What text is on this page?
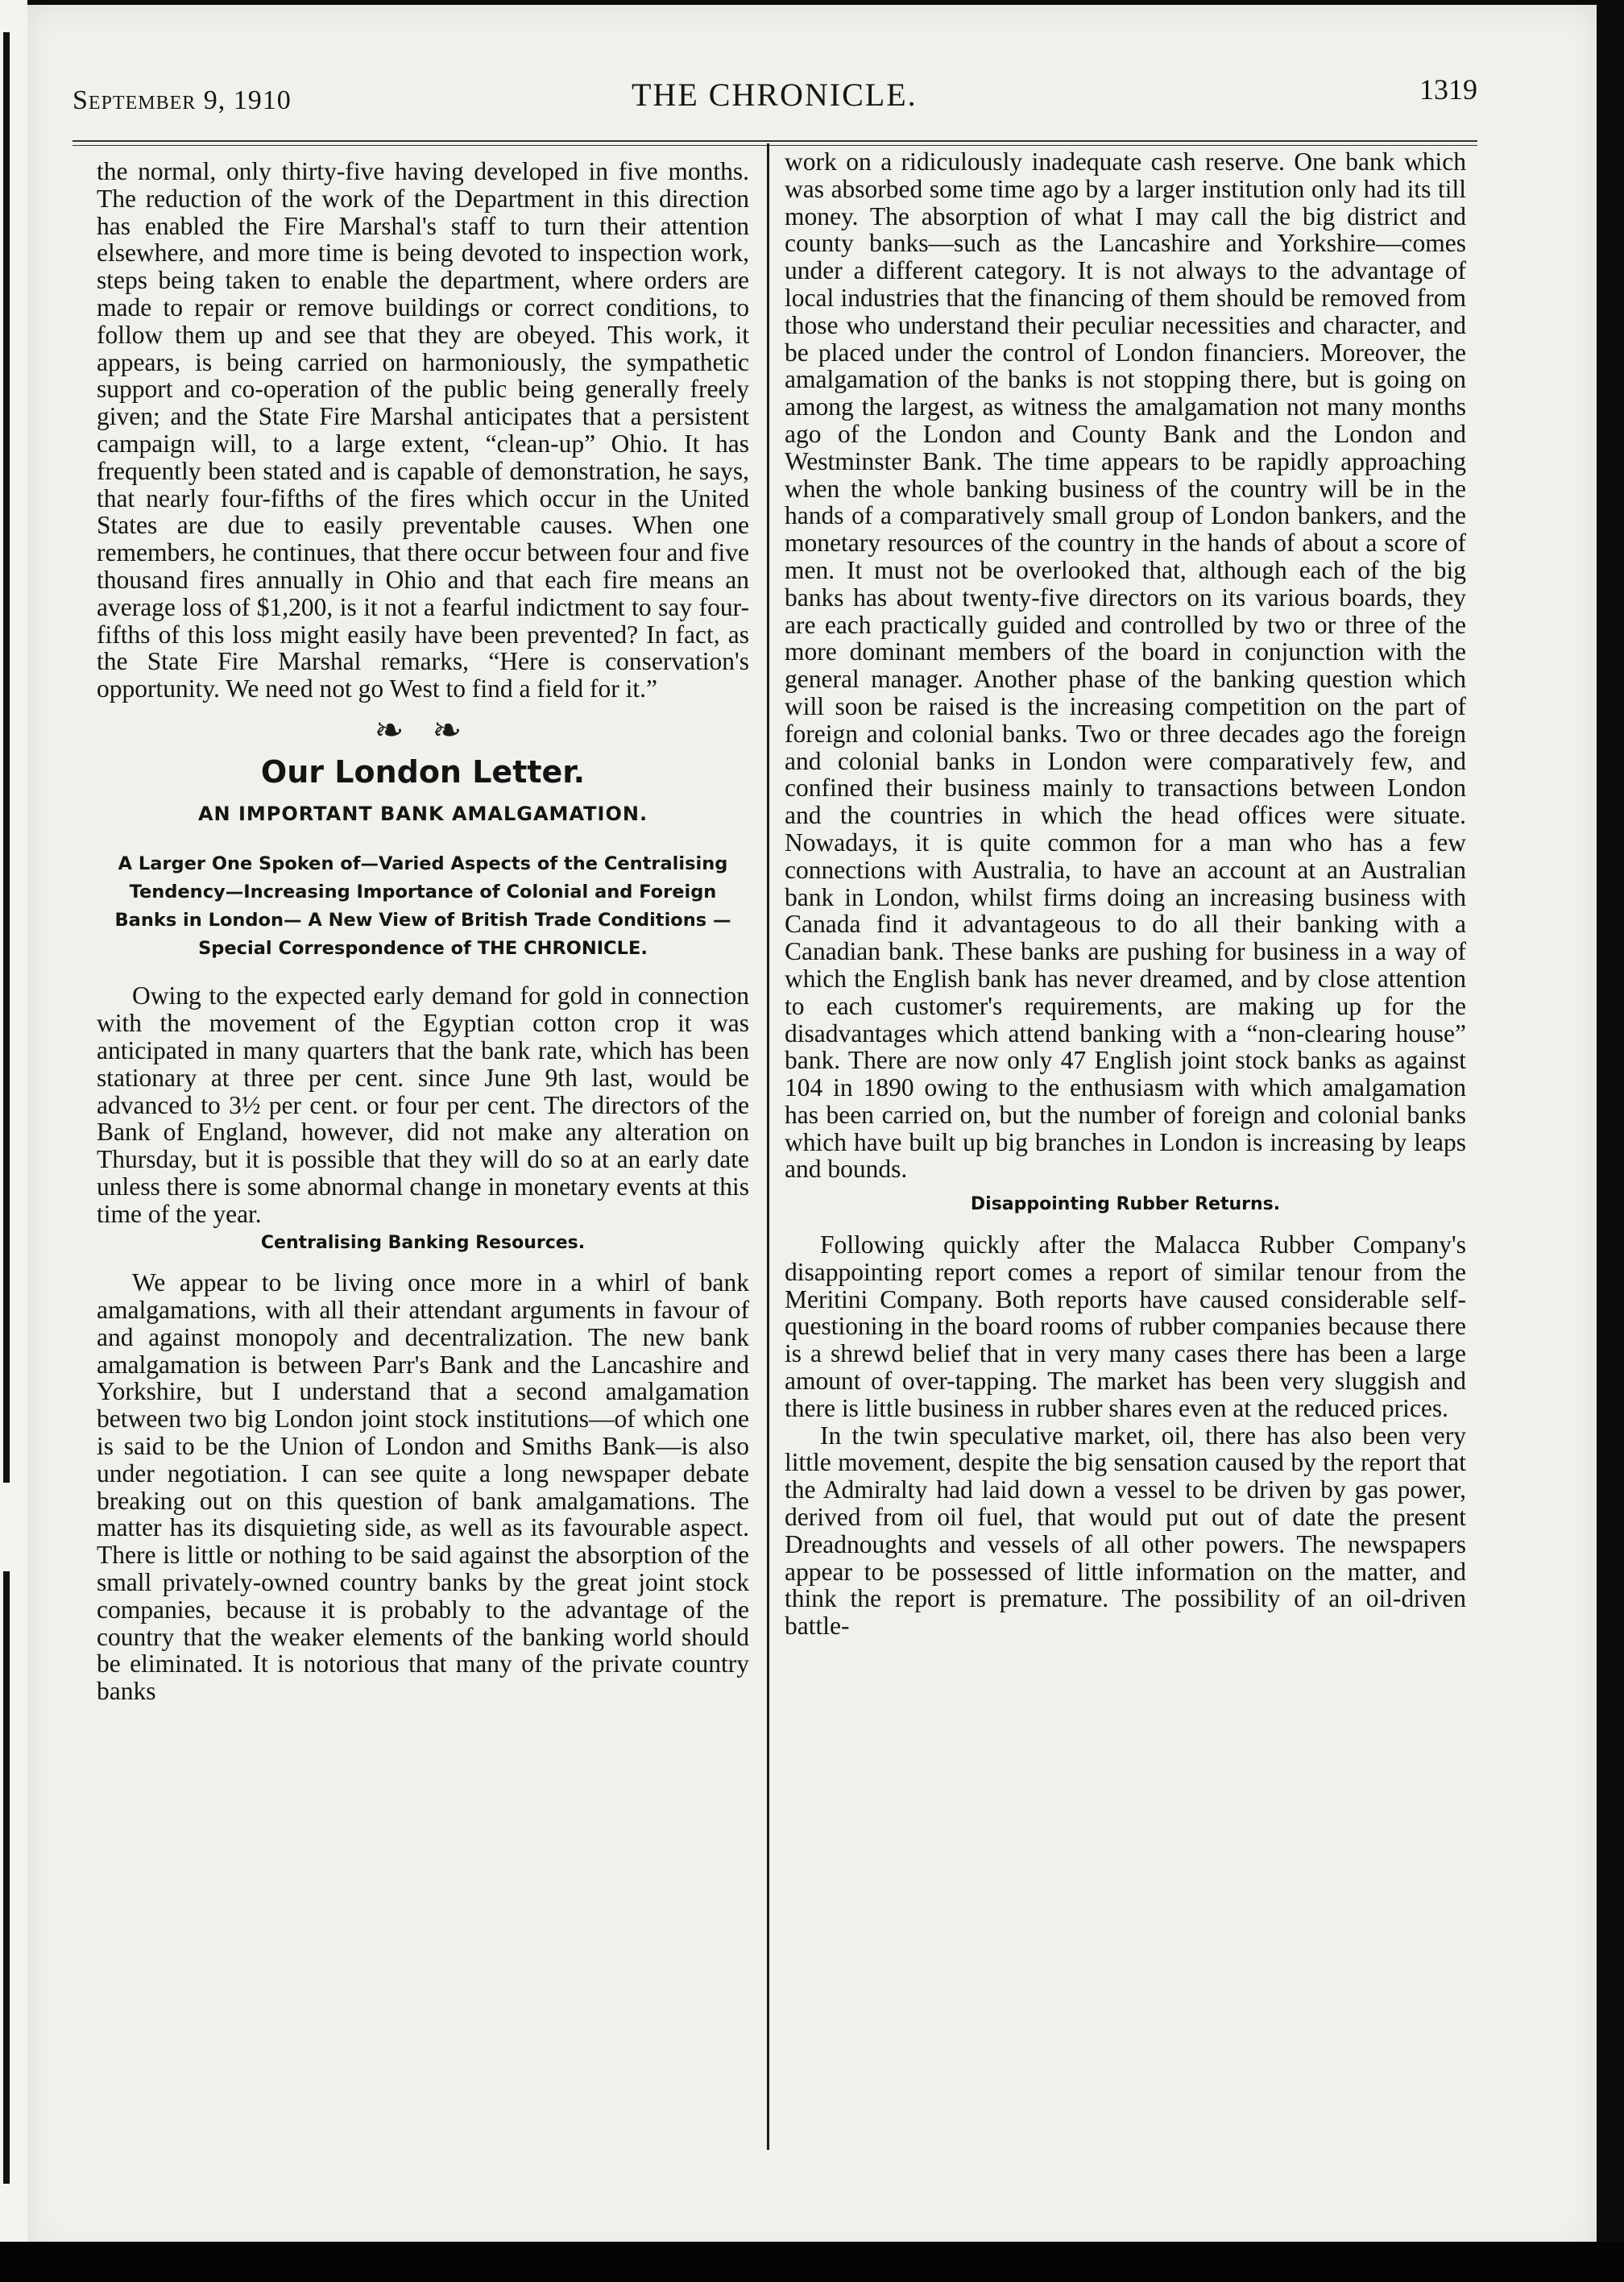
September 9, 1910	THE CHRONICLE.	1319

the normal, only thirty-five having developed in five months. The reduction of the work of the Department in this direction has enabled the Fire Marshal's staff to turn their attention elsewhere, and more time is being devoted to inspection work, steps being taken to enable the department, where orders are made to repair or remove buildings or correct conditions, to follow them up and see that they are obeyed. This work, it appears, is being carried on harmoniously, the sympathetic support and co-operation of the public being generally freely given; and the State Fire Marshal anticipates that a persistent campaign will, to a large extent, “clean-up” Ohio. It has frequently been stated and is capable of demonstration, he says, that nearly four-fifths of the fires which occur in the United States are due to easily preventable causes. When one remembers, he continues, that there occur between four and five thousand fires annually in Ohio and that each fire means an average loss of $1,200, is it not a fearful indictment to say four-fifths of this loss might easily have been prevented? In fact, as the State Fire Marshal remarks, “Here is conservation's opportunity. We need not go West to find a field for it.”

❧ ❧
Our London Letter.
AN IMPORTANT BANK AMALGAMATION.
A Larger One Spoken of—Varied Aspects of the Centralising Tendency—Increasing Importance of Colonial and Foreign Banks in London— A New View of British Trade Conditions —Special Correspondence of THE CHRONICLE.

Owing to the expected early demand for gold in connection with the movement of the Egyptian cotton crop it was anticipated in many quarters that the bank rate, which has been stationary at three per cent. since June 9th last, would be advanced to 3½ per cent. or four per cent. The directors of the Bank of England, however, did not make any alteration on Thursday, but it is possible that they will do so at an early date unless there is some abnormal change in monetary events at this time of the year.

Centralising Banking Resources.

We appear to be living once more in a whirl of bank amalgamations, with all their attendant arguments in favour of and against monopoly and decentralization. The new bank amalgamation is between Parr's Bank and the Lancashire and Yorkshire, but I understand that a second amalgamation between two big London joint stock institutions—of which one is said to be the Union of London and Smiths Bank—is also under negotiation. I can see quite a long newspaper debate breaking out on this question of bank amalgamations. The matter has its disquieting side, as well as its favourable aspect. There is little or nothing to be said against the absorption of the small privately-owned country banks by the great joint stock companies, because it is probably to the advantage of the country that the weaker elements of the banking world should be eliminated. It is notorious that many of the private country banks

work on a ridiculously inadequate cash reserve. One bank which was absorbed some time ago by a larger institution only had its till money. The absorption of what I may call the big district and county banks—such as the Lancashire and Yorkshire—comes under a different category. It is not always to the advantage of local industries that the financing of them should be removed from those who understand their peculiar necessities and character, and be placed under the control of London financiers. Moreover, the amalgamation of the banks is not stopping there, but is going on among the largest, as witness the amalgamation not many months ago of the London and County Bank and the London and Westminster Bank. The time appears to be rapidly approaching when the whole banking business of the country will be in the hands of a comparatively small group of London bankers, and the monetary resources of the country in the hands of about a score of men. It must not be overlooked that, although each of the big banks has about twenty-five directors on its various boards, they are each practically guided and controlled by two or three of the more dominant members of the board in conjunction with the general manager. Another phase of the banking question which will soon be raised is the increasing competition on the part of foreign and colonial banks. Two or three decades ago the foreign and colonial banks in London were comparatively few, and confined their business mainly to transactions between London and the countries in which the head offices were situate. Nowadays, it is quite common for a man who has a few connections with Australia, to have an account at an Australian bank in London, whilst firms doing an increasing business with Canada find it advantageous to do all their banking with a Canadian bank. These banks are pushing for business in a way of which the English bank has never dreamed, and by close attention to each customer's requirements, are making up for the disadvantages which attend banking with a “non-clearing house” bank. There are now only 47 English joint stock banks as against 104 in 1890 owing to the enthusiasm with which amalgamation has been carried on, but the number of foreign and colonial banks which have built up big branches in London is increasing by leaps and bounds.

Disappointing Rubber Returns.

Following quickly after the Malacca Rubber Company's disappointing report comes a report of similar tenour from the Meritini Company. Both reports have caused considerable self-questioning in the board rooms of rubber companies because there is a shrewd belief that in very many cases there has been a large amount of over-tapping. The market has been very sluggish and there is little business in rubber shares even at the reduced prices.

In the twin speculative market, oil, there has also been very little movement, despite the big sensation caused by the report that the Admiralty had laid down a vessel to be driven by gas power, derived from oil fuel, that would put out of date the present Dreadnoughts and vessels of all other powers. The newspapers appear to be possessed of little information on the matter, and think the report is premature. The possibility of an oil-driven battle-
